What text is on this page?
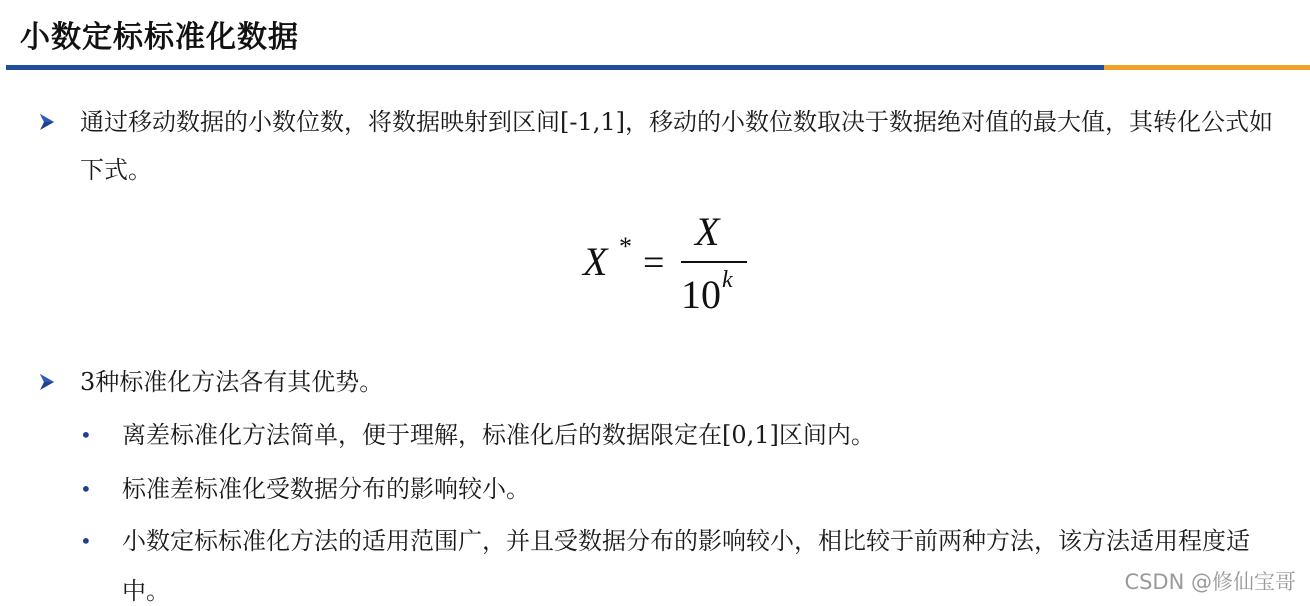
小数定标标准化数据
通过移动数据的小数位数，将数据映射到区间[-1,1]，移动的小数位数取决于数据绝对值的最大值，其转化公式如下式。
X * =
X
10 k
3种标准化方法各有其优势。
• 离差标准化方法简单，便于理解，标准化后的数据限定在[0,1]区间内。
• 标准差标准化受数据分布的影响较小。
• 小数定标标准化方法的适用范围广，并且受数据分布的影响较小，相比较于前两种方法，该方法适用程度适中。	CSDN @修仙宝哥
